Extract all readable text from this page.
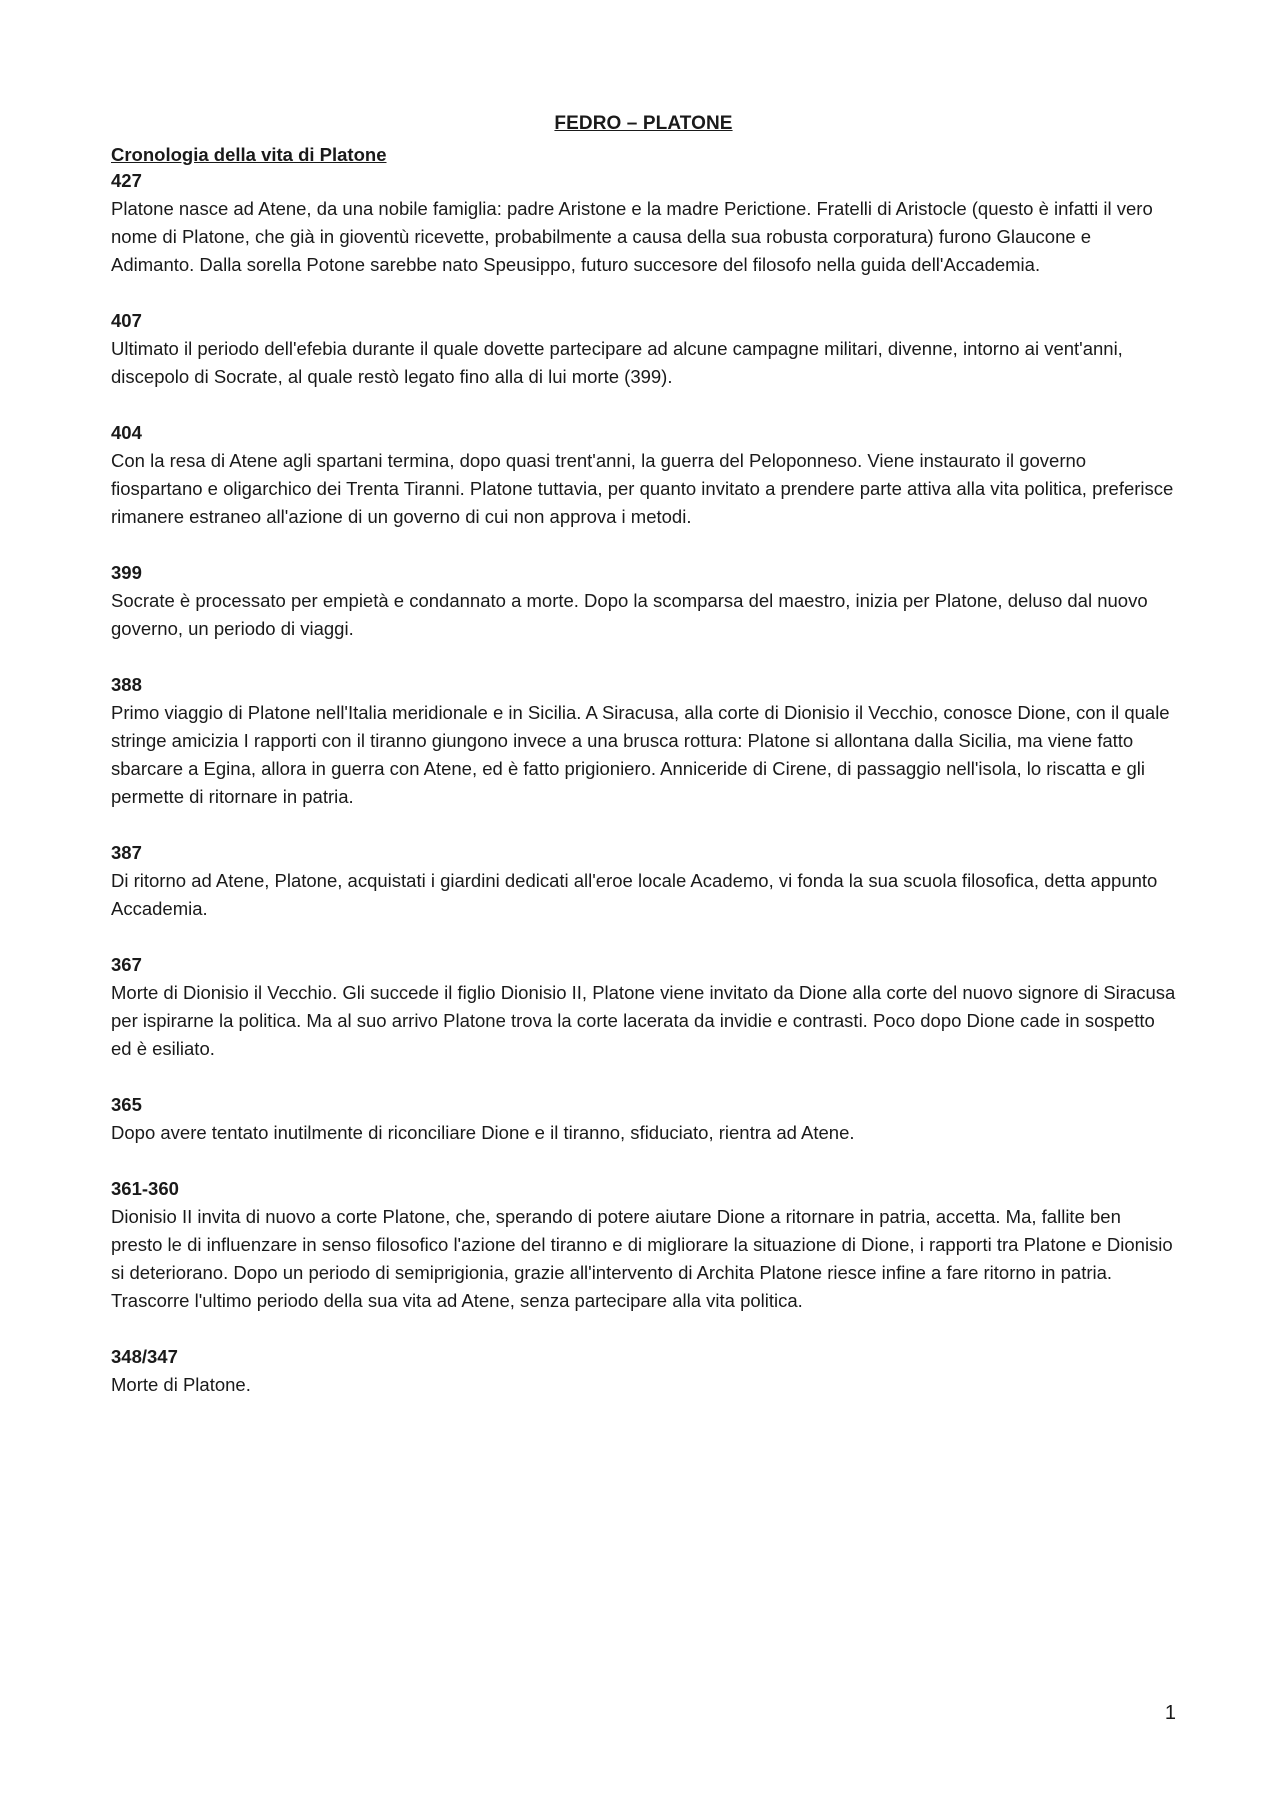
FEDRO – PLATONE
Cronologia della vita di Platone

427

Platone nasce ad Atene, da una nobile famiglia: padre Aristone e la madre Perictione. Fratelli di Aristocle (questo è infatti il vero nome di Platone, che già in gioventù ricevette, probabilmente a causa della sua robusta corporatura) furono Glaucone e Adimanto. Dalla sorella Potone sarebbe nato Speusippo, futuro succesore del filosofo nella guida dell'Accademia.

407

Ultimato il periodo dell'efebia durante il quale dovette partecipare ad alcune campagne militari, divenne, intorno ai vent'anni, discepolo di Socrate, al quale restò legato fino alla di lui morte (399).

404

Con la resa di Atene agli spartani termina, dopo quasi trent'anni, la guerra del Peloponneso. Viene instaurato il governo fiospartano e oligarchico dei Trenta Tiranni. Platone tuttavia, per quanto invitato a prendere parte attiva alla vita politica, preferisce rimanere estraneo all'azione di un governo di cui non approva i metodi.

399

Socrate è processato per empietà e condannato a morte. Dopo la scomparsa del maestro, inizia per Platone, deluso dal nuovo governo, un periodo di viaggi.

388

Primo viaggio di Platone nell'Italia meridionale e in Sicilia. A Siracusa, alla corte di Dionisio il Vecchio, conosce Dione, con il quale stringe amicizia I rapporti con il tiranno giungono invece a una brusca rottura: Platone si allontana dalla Sicilia, ma viene fatto sbarcare a Egina, allora in guerra con Atene, ed è fatto prigioniero. Anniceride di Cirene, di passaggio nell'isola, lo riscatta e gli permette di ritornare in patria.

387

Di ritorno ad Atene, Platone, acquistati i giardini dedicati all'eroe locale Academo, vi fonda la sua scuola filosofica, detta appunto Accademia.

367

Morte di Dionisio il Vecchio. Gli succede il figlio Dionisio II, Platone viene invitato da Dione alla corte del nuovo signore di Siracusa per ispirarne la politica. Ma al suo arrivo Platone trova la corte lacerata da invidie e contrasti. Poco dopo Dione cade in sospetto ed è esiliato.

365

Dopo avere tentato inutilmente di riconciliare Dione e il tiranno, sfiduciato, rientra ad Atene.

361-360

Dionisio II invita di nuovo a corte Platone, che, sperando di potere aiutare Dione a ritornare in patria, accetta. Ma, fallite ben presto le di influenzare in senso filosofico l'azione del tiranno e di migliorare la situazione di Dione, i rapporti tra Platone e Dionisio si deteriorano. Dopo un periodo di semiprigionia, grazie all'intervento di Archita Platone riesce infine a fare ritorno in patria. Trascorre l'ultimo periodo della sua vita ad Atene, senza partecipare alla vita politica.

348/347

Morte di Platone.

1
